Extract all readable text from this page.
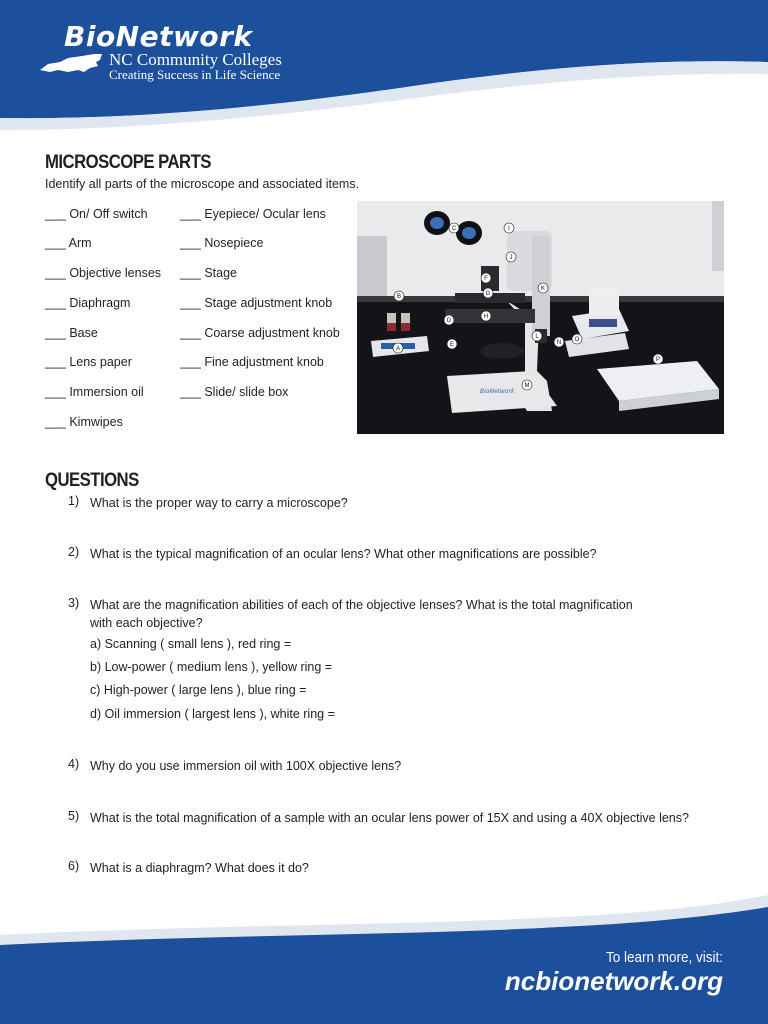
BioNetwork
NC Community Colleges
Creating Success in Life Science
MICROSCOPE PARTS
Identify all parts of the microscope and associated items.
___ On/ Off switch
___ Arm
___ Objective lenses
___ Diaphragm
___ Base
___ Lens paper
___ Immersion oil
___ Kimwipes
___ Eyepiece/ Ocular lens
___ Nosepiece
___ Stage
___ Stage adjustment knob
___ Coarse adjustment knob
___ Fine adjustment knob
___ Slide/ slide box
A
B
C
D
E
F
G
H
I
J
K
L
M
N O
P
BioNetwork
QUESTIONS
1) What is the proper way to carry a microscope?
2) What is the typical magnification of an ocular lens? What other magnifications are possible?
3) What are the magnification abilities of each of the objective lenses? What is the total magnification
with each objective?
a) Scanning ( small lens ), red ring =
b) Low-power ( medium lens ), yellow ring =
c) High-power ( large lens ), blue ring =
d) Oil immersion ( largest lens ), white ring =
4) Why do you use immersion oil with 100X objective lens?
5) What is the total magnification of a sample with an ocular lens power of 15X and using a 40X objective lens?
6) What is a diaphragm? What does it do?
To learn more, visit:
ncbionetwork.org
